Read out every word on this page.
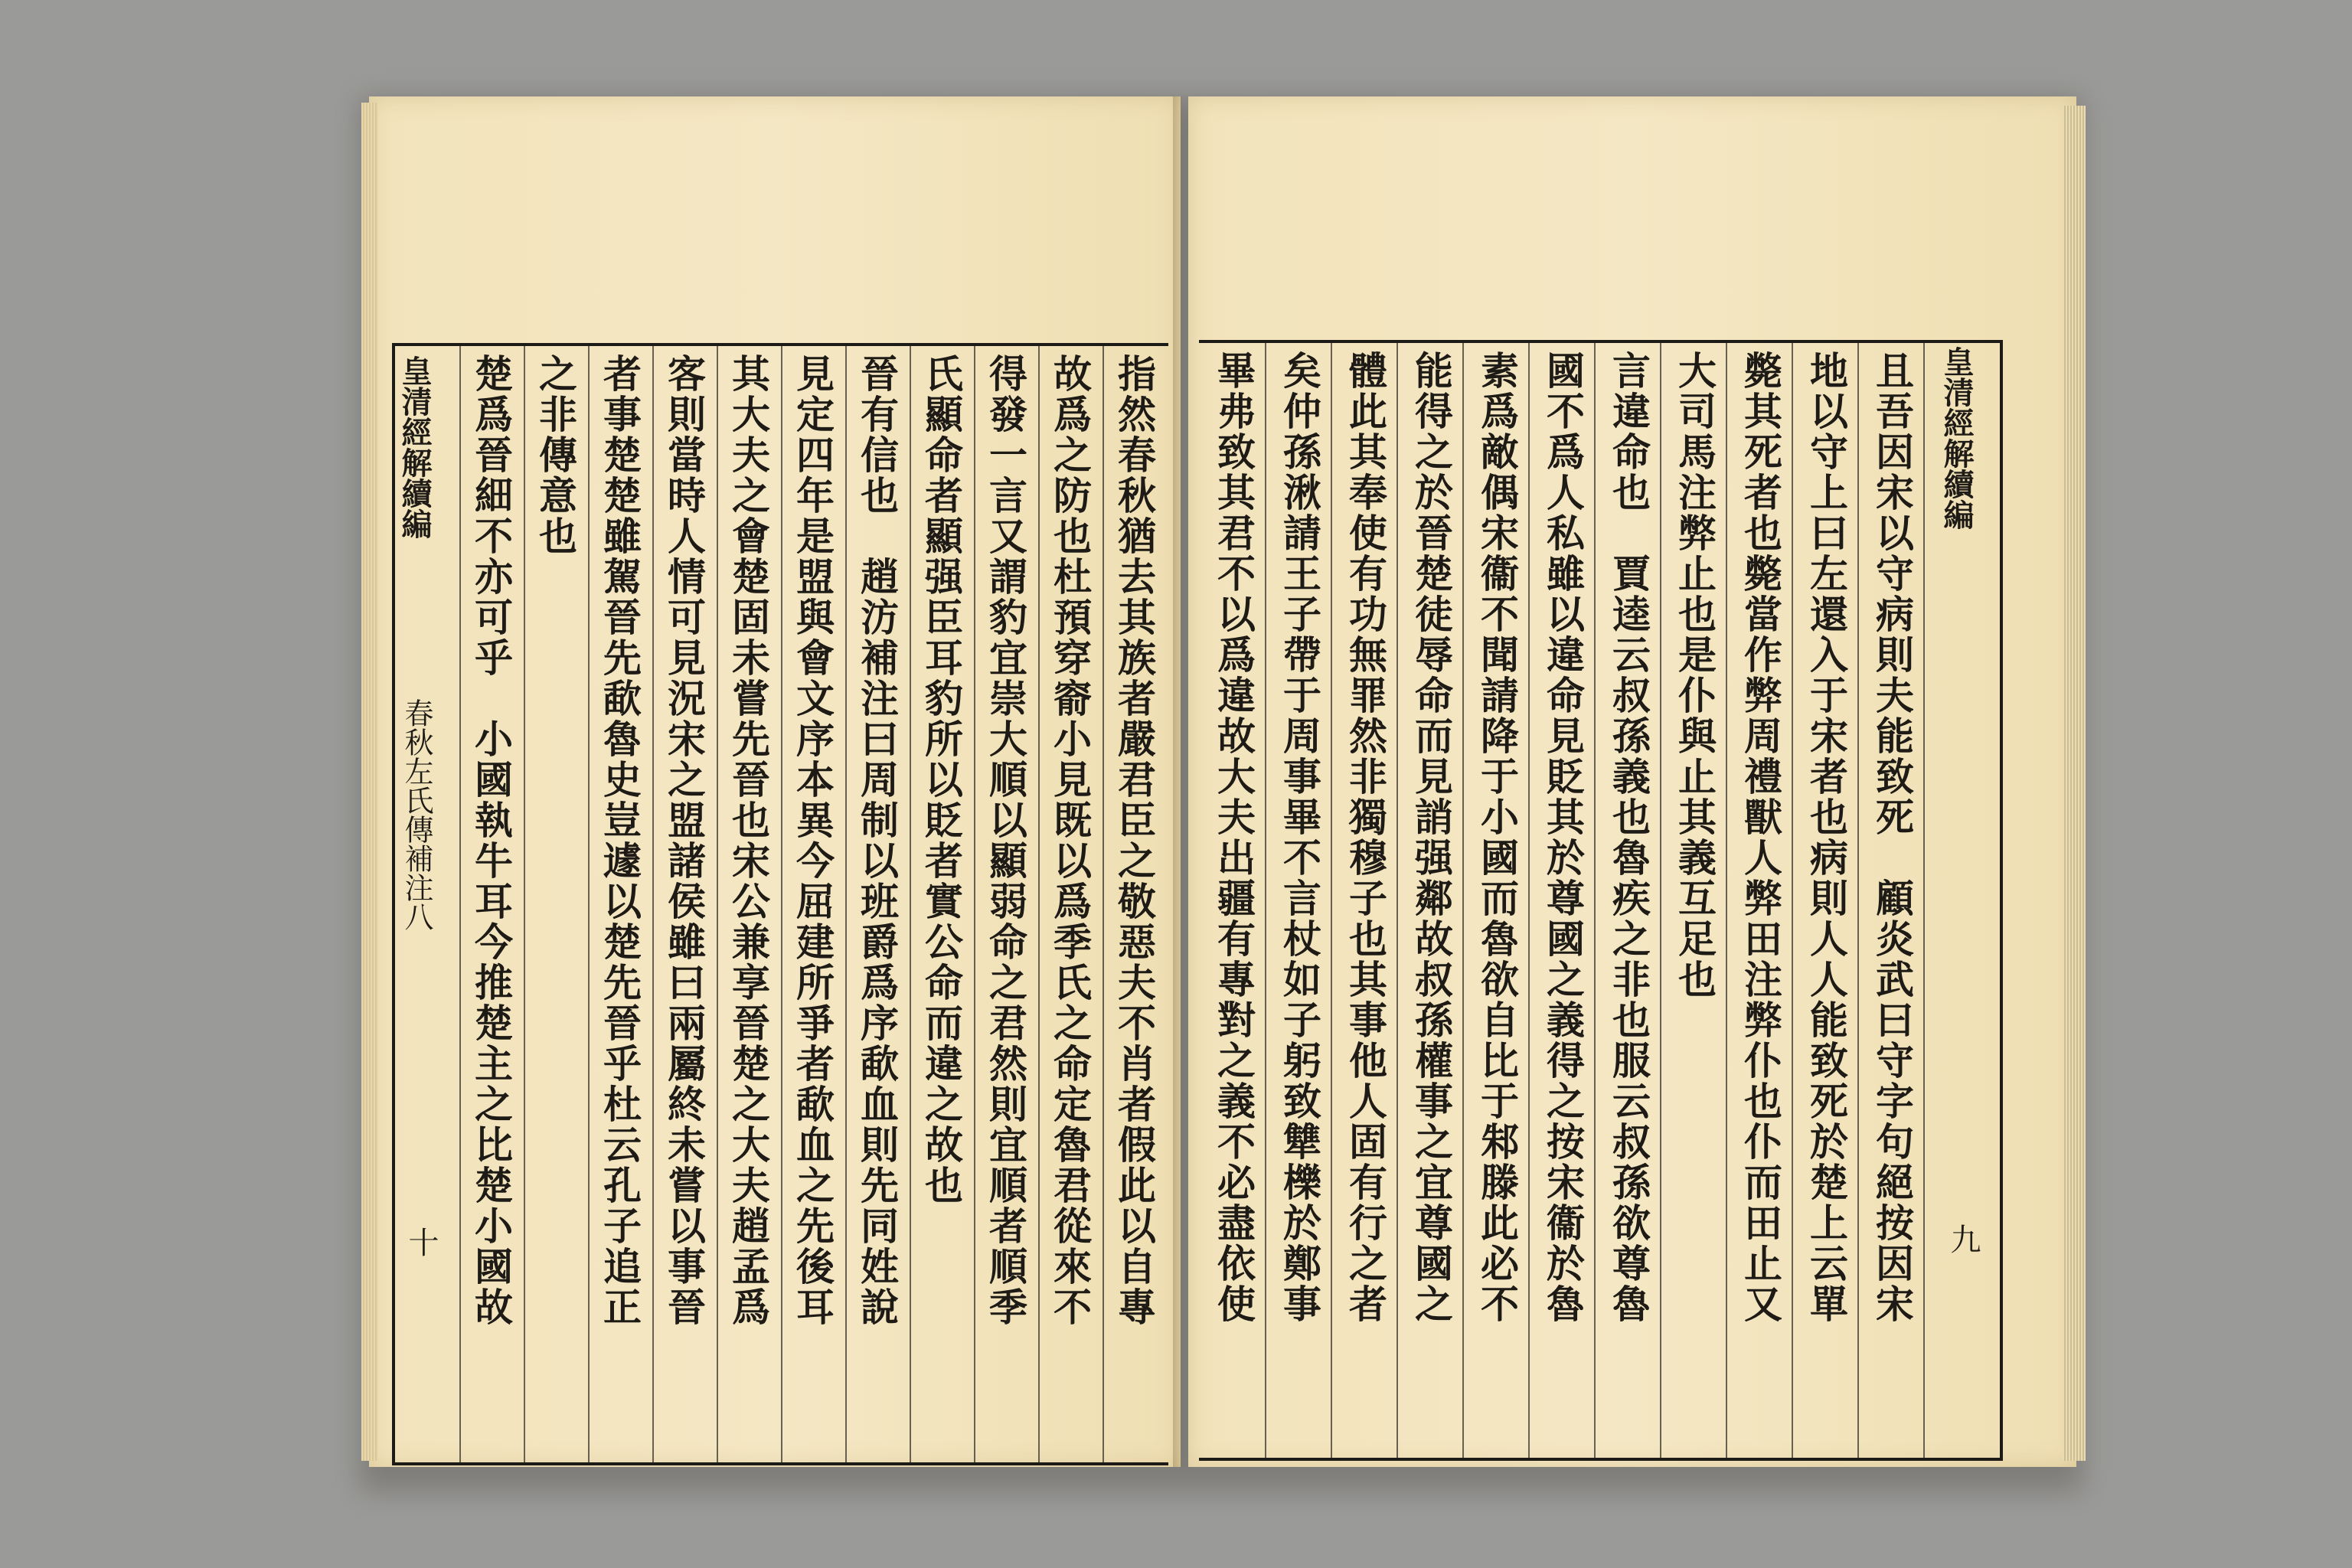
指然春秋猶去其族者嚴君臣之敬惡夫不肖者假此以自專
故爲之防也杜預穿窬小見既以爲季氏之命定魯君從來不
得發一言又謂豹宜崇大順以顯弱命之君然則宜順者順季
氏顯命者顯强臣耳豹所以貶者實公命而違之故也
晉有信也　趙汸補注曰周制以班爵爲序歃血則先同姓說
見定四年是盟與會文序本異今屈建所爭者歃血之先後耳
其大夫之會楚固未嘗先晉也宋公兼享晉楚之大夫趙孟爲
客則當時人情可見況宋之盟諸侯雖曰兩屬終未嘗以事晉
者事楚楚雖駕晉先歃魯史豈遽以楚先晉乎杜云孔子追正
之非傳意也
楚爲晉細不亦可乎　小國執牛耳今推楚主之比楚小國故
皇清經解續編
春秋左氏傳補注八
十	且吾因宋以守病則夫能致死　顧炎武曰守字句絕按因宋
地以守上曰左還入于宋者也病則人人能致死於楚上云單
斃其死者也斃當作弊周禮獸人弊田注弊仆也仆而田止又
大司馬注弊止也是仆與止其義互足也
言違命也　賈逵云叔孫義也魯疾之非也服云叔孫欲尊魯
國不爲人私雖以違命見貶其於尊國之義得之按宋衞於魯
素爲敵偶宋衞不聞請降于小國而魯欲自比于邾滕此必不
能得之於晉楚徒辱命而見誚强鄰故叔孫權事之宜尊國之
體此其奉使有功無罪然非獨穆子也其事他人固有行之者
矣仲孫湫請王子帶于周事畢不言杖如子躬致犨櫟於鄭事
畢弗致其君不以爲違故大夫出疆有專對之義不必盡依使	皇清經解續編
九
